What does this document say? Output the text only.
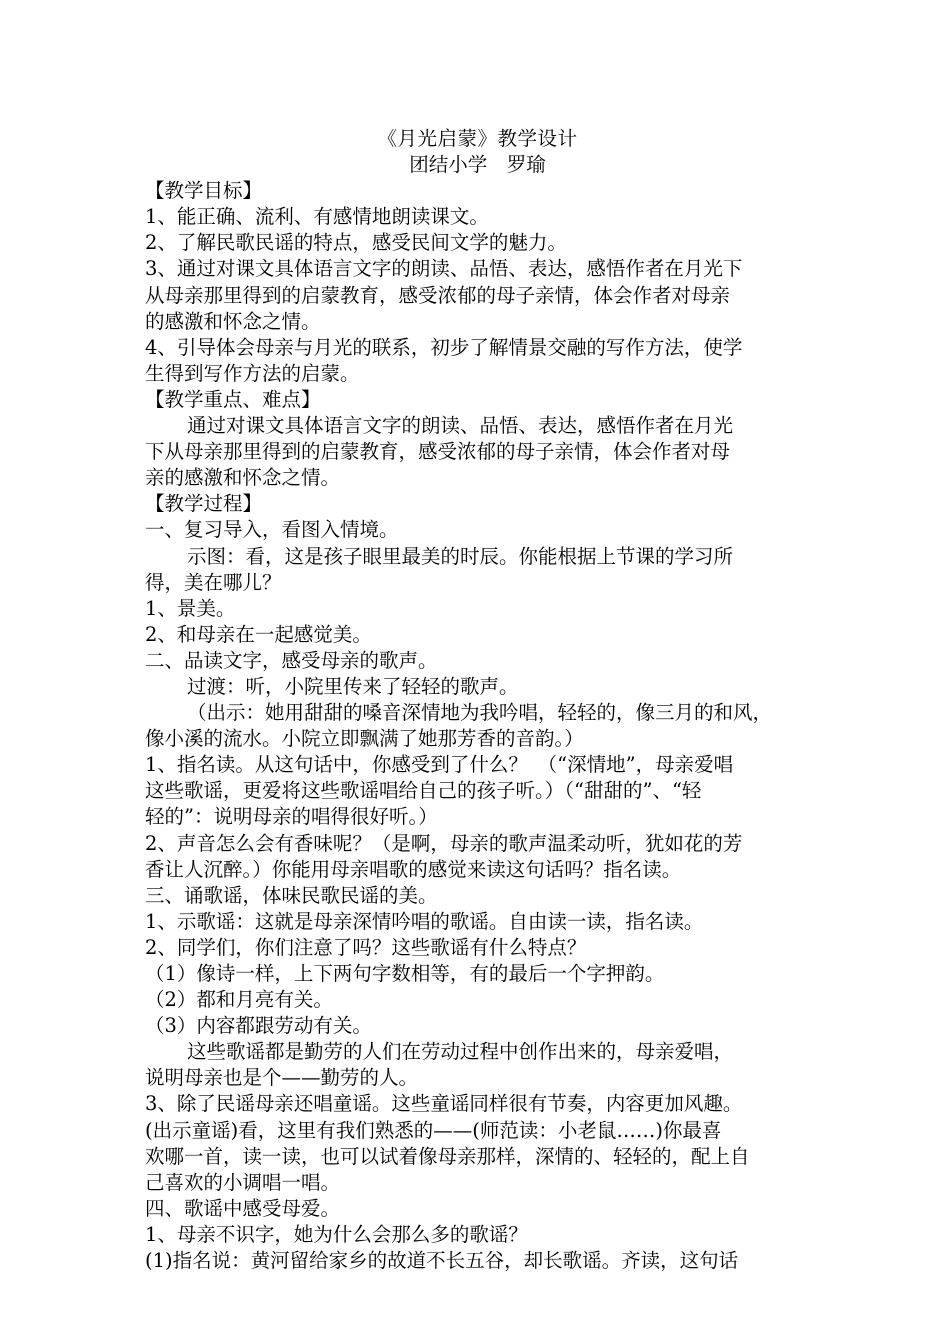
《月光启蒙》教学设计
团结小学　罗瑜
【教学目标】
1、能正确、流利、有感情地朗读课文。
2、了解民歌民谣的特点，感受民间文学的魅力。
3、通过对课文具体语言文字的朗读、品悟、表达，感悟作者在月光下
从母亲那里得到的启蒙教育，感受浓郁的母子亲情，体会作者对母亲
的感激和怀念之情。
4、引导体会母亲与月光的联系，初步了解情景交融的写作方法，使学
生得到写作方法的启蒙。
【教学重点、难点】
通过对课文具体语言文字的朗读、品悟、表达，感悟作者在月光
下从母亲那里得到的启蒙教育，感受浓郁的母子亲情，体会作者对母
亲的感激和怀念之情。
【教学过程】
一、复习导入，看图入情境。
示图：看，这是孩子眼里最美的时辰。你能根据上节课的学习所
得，美在哪儿？
1、景美。
2、和母亲在一起感觉美。
二、品读文字，感受母亲的歌声。
过渡：听，小院里传来了轻轻的歌声。
（出示：她用甜甜的嗓音深情地为我吟唱，轻轻的，像三月的和风，
像小溪的流水。小院立即飘满了她那芳香的音韵。）
1、指名读。从这句话中，你感受到了什么？　（“深情地”，母亲爱唱
这些歌谣，更爱将这些歌谣唱给自己的孩子听。）（“甜甜的”、“轻
轻的”：说明母亲的唱得很好听。）
2、声音怎么会有香味呢？（是啊，母亲的歌声温柔动听，犹如花的芳
香让人沉醉。）你能用母亲唱歌的感觉来读这句话吗？指名读。
三、诵歌谣，体味民歌民谣的美。
1、示歌谣：这就是母亲深情吟唱的歌谣。自由读一读，指名读。
2、同学们，你们注意了吗？这些歌谣有什么特点？
（1）像诗一样，上下两句字数相等，有的最后一个字押韵。
（2）都和月亮有关。
（3）内容都跟劳动有关。
这些歌谣都是勤劳的人们在劳动过程中创作出来的，母亲爱唱，
说明母亲也是个——勤劳的人。
3、除了民谣母亲还唱童谣。这些童谣同样很有节奏，内容更加风趣。
(出示童谣)看，这里有我们熟悉的——(师范读：小老鼠……)你最喜
欢哪一首，读一读，也可以试着像母亲那样，深情的、轻轻的，配上自
己喜欢的小调唱一唱。
四、歌谣中感受母爱。
1、母亲不识字，她为什么会那么多的歌谣？
(1)指名说：黄河留给家乡的故道不长五谷，却长歌谣。齐读，这句话
